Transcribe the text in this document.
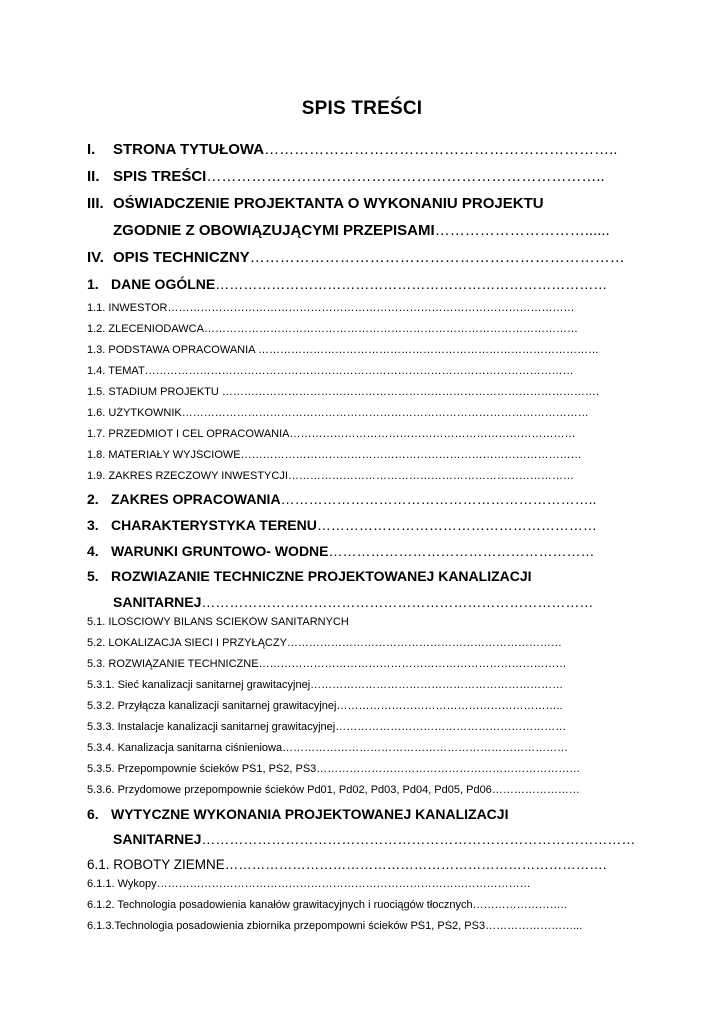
SPIS TREŚCI
I. STRONA TYTUŁOWA……………………………………………………………..
II. SPIS TREŚCI……………………………………………………………………..
III. OŚWIADCZENIE PROJEKTANTA O WYKONANIU PROJEKTU
ZGODNIE Z OBOWIĄZUJĄCYMI PRZEPISAMI…………………………......
IV. OPIS TECHNICZNY…………………………………………………………………
1. DANE OGÓLNE…………………………………………………………………………
1.1. INWESTOR…………………………………………………………………………………………………
1.2. ZLECENIODAWCA…………………………………………………………………………………………
1.3. PODSTAWA OPRACOWANIA …………………………………………………………………………………
1.4. TEMAT………………………………………………………………………………………………………
1.5. STADIUM PROJEKTU ………………………………………………………………………………………….
1.6. UŻYTKOWNIK…………………………………………………………………………………………………
1.7. PRZEDMIOT I CEL OPRACOWANIA……………………………………………………………………
1.8. MATERIAŁY WYJŚCIOWE…………………………………………………………………………………
1.9. ZAKRES RZECZOWY INWESTYCJI……………………………………………………………………
2. ZAKRES OPRACOWANIA…………………………………………………………..
3. CHARAKTERYSTYKA TERENU……………………………………………………
4. WARUNKI GRUNTOWO- WODNE…………………………………………………
5. ROZWIAZANIE TECHNICZNE PROJEKTOWANEJ KANALIZACJI
SANITARNEJ…………………………………………………………………………
5.1. ILOŚCIOWY BILANS ŚCIEKÓW SANITARNYCH
5.2. LOKALIZACJA SIECI I PRZYŁĄCZY…………………………………………………………………
5.3. ROZWIĄZANIE TECHNICZNE…………………………………………………………………………
5.3.1. Sieć kanalizacji sanitarnej grawitacyjnej……………………………………………………………
5.3.2. Przyłącza kanalizacji sanitarnej grawitacyjnej……………………………………………………..
5.3.3. Instalacje kanalizacji sanitarnej grawitacyjnej………………………………………………………
5.3.4. Kanalizacja sanitarna ciśnieniowa……………………………………………………………………
5.3.5. Przepompownie ścieków PŚ1, PŚ2, PŚ3………………………………………………………………
5.3.6. Przydomowe przepompownie ścieków Pd01, Pd02, Pd03, Pd04, Pd05, Pd06……………………
6. WYTYCZNE WYKONANIA PROJEKTOWANEJ KANALIZACJI
SANITARNEJ…………………………………………………………………………………
6.1. ROBOTY ZIEMNE………………………………………………………………………….
6.1.1. Wykopy…………………………………………………………………………………………
6.1.2. Technologia posadowienia kanałów grawitacyjnych i ruociągów tłocznych……………………..
6.1.3.Technologia posadowienia zbiornika przepompowni ścieków PŚ1, PŚ2, PŚ3……………………...
